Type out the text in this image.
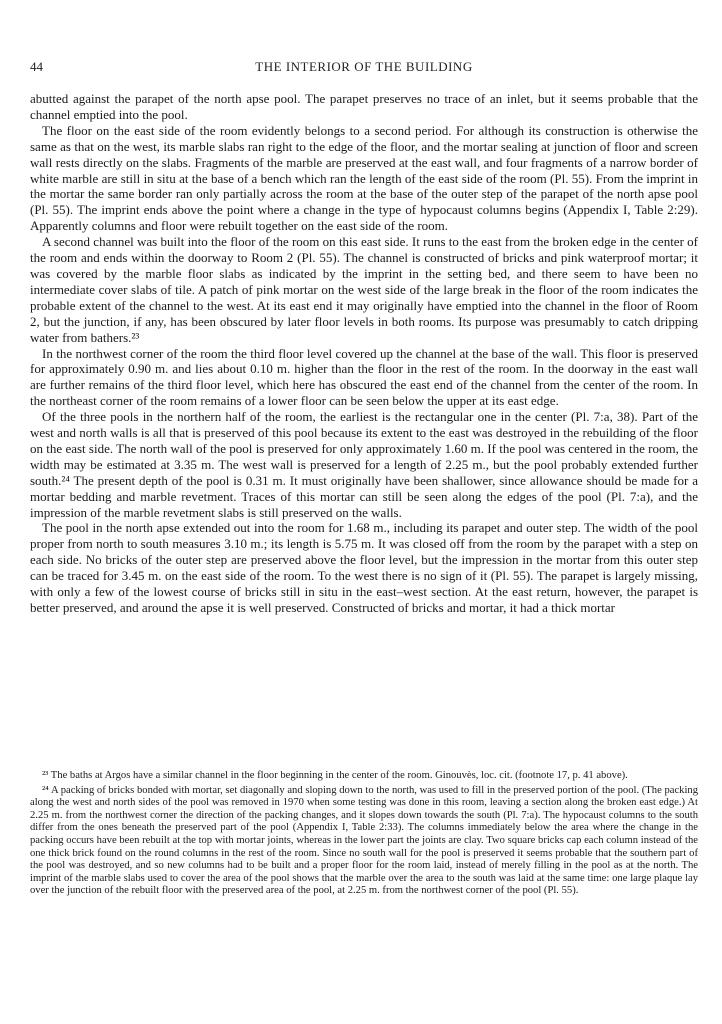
44	THE INTERIOR OF THE BUILDING

abutted against the parapet of the north apse pool. The parapet preserves no trace of an inlet, but it seems probable that the channel emptied into the pool.

The floor on the east side of the room evidently belongs to a second period. For although its construction is otherwise the same as that on the west, its marble slabs ran right to the edge of the floor, and the mortar sealing at junction of floor and screen wall rests directly on the slabs. Fragments of the marble are preserved at the east wall, and four fragments of a narrow border of white marble are still in situ at the base of a bench which ran the length of the east side of the room (Pl. 55). From the imprint in the mortar the same border ran only partially across the room at the base of the outer step of the parapet of the north apse pool (Pl. 55). The imprint ends above the point where a change in the type of hypocaust columns begins (Appendix I, Table 2:29). Apparently columns and floor were rebuilt together on the east side of the room.

A second channel was built into the floor of the room on this east side. It runs to the east from the broken edge in the center of the room and ends within the doorway to Room 2 (Pl. 55). The channel is constructed of bricks and pink waterproof mortar; it was covered by the marble floor slabs as indicated by the imprint in the setting bed, and there seem to have been no intermediate cover slabs of tile. A patch of pink mortar on the west side of the large break in the floor of the room indicates the probable extent of the channel to the west. At its east end it may originally have emptied into the channel in the floor of Room 2, but the junction, if any, has been obscured by later floor levels in both rooms. Its purpose was presumably to catch dripping water from bathers.²³

In the northwest corner of the room the third floor level covered up the channel at the base of the wall. This floor is preserved for approximately 0.90 m. and lies about 0.10 m. higher than the floor in the rest of the room. In the doorway in the east wall are further remains of the third floor level, which here has obscured the east end of the channel from the center of the room. In the northeast corner of the room remains of a lower floor can be seen below the upper at its east edge.

Of the three pools in the northern half of the room, the earliest is the rectangular one in the center (Pl. 7:a, 38). Part of the west and north walls is all that is preserved of this pool because its extent to the east was destroyed in the rebuilding of the floor on the east side. The north wall of the pool is preserved for only approximately 1.60 m. If the pool was centered in the room, the width may be estimated at 3.35 m. The west wall is preserved for a length of 2.25 m., but the pool probably extended further south.²⁴ The present depth of the pool is 0.31 m. It must originally have been shallower, since allowance should be made for a mortar bedding and marble revetment. Traces of this mortar can still be seen along the edges of the pool (Pl. 7:a), and the impression of the marble revetment slabs is still preserved on the walls.

The pool in the north apse extended out into the room for 1.68 m., including its parapet and outer step. The width of the pool proper from north to south measures 3.10 m.; its length is 5.75 m. It was closed off from the room by the parapet with a step on each side. No bricks of the outer step are preserved above the floor level, but the impression in the mortar from this outer step can be traced for 3.45 m. on the east side of the room. To the west there is no sign of it (Pl. 55). The parapet is largely missing, with only a few of the lowest course of bricks still in situ in the east–west section. At the east return, however, the parapet is better preserved, and around the apse it is well preserved. Constructed of bricks and mortar, it had a thick mortar

²³ The baths at Argos have a similar channel in the floor beginning in the center of the room. Ginouvès, loc. cit. (footnote 17, p. 41 above).

²⁴ A packing of bricks bonded with mortar, set diagonally and sloping down to the north, was used to fill in the preserved portion of the pool. (The packing along the west and north sides of the pool was removed in 1970 when some testing was done in this room, leaving a section along the broken east edge.) At 2.25 m. from the northwest corner the direction of the packing changes, and it slopes down towards the south (Pl. 7:a). The hypocaust columns to the south differ from the ones beneath the preserved part of the pool (Appendix I, Table 2:33). The columns immediately below the area where the change in the packing occurs have been rebuilt at the top with mortar joints, whereas in the lower part the joints are clay. Two square bricks cap each column instead of the one thick brick found on the round columns in the rest of the room. Since no south wall for the pool is preserved it seems probable that the southern part of the pool was destroyed, and so new columns had to be built and a proper floor for the room laid, instead of merely filling in the pool as at the north. The imprint of the marble slabs used to cover the area of the pool shows that the marble over the area to the south was laid at the same time: one large plaque lay over the junction of the rebuilt floor with the preserved area of the pool, at 2.25 m. from the northwest corner of the pool (Pl. 55).
